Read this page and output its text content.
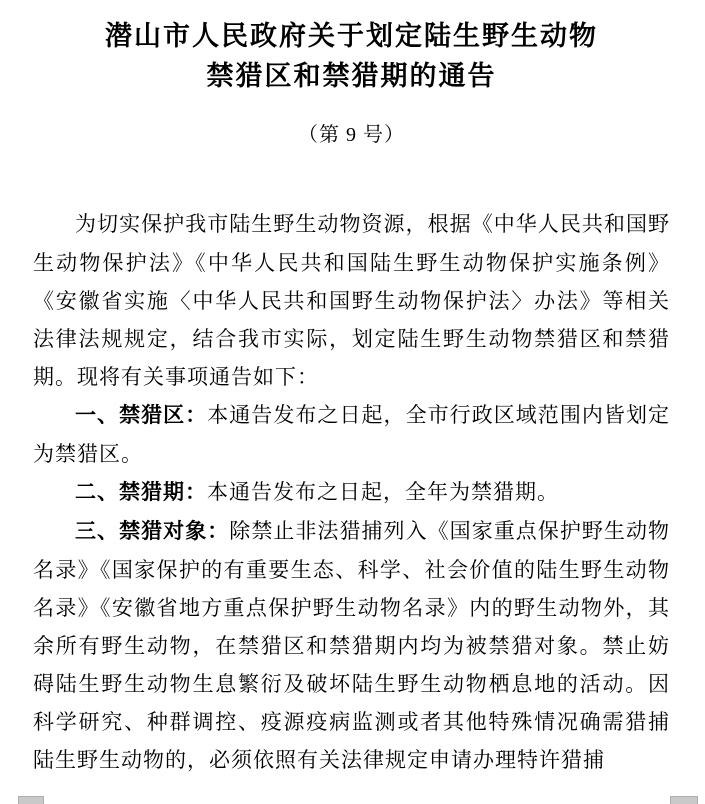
潜山市人民政府关于划定陆生野生动物
禁猎区和禁猎期的通告
（第 9 号）

为切实保护我市陆生野生动物资源，根据《中华人民共和国野生动物保护法》《中华人民共和国陆生野生动物保护实施条例》《安徽省实施〈中华人民共和国野生动物保护法〉办法》等相关法律法规规定，结合我市实际，划定陆生野生动物禁猎区和禁猎期。现将有关事项通告如下：

一、禁猎区：本通告发布之日起，全市行政区域范围内皆划定为禁猎区。

二、禁猎期：本通告发布之日起，全年为禁猎期。

三、禁猎对象：除禁止非法猎捕列入《国家重点保护野生动物名录》《国家保护的有重要生态、科学、社会价值的陆生野生动物名录》《安徽省地方重点保护野生动物名录》内的野生动物外，其余所有野生动物，在禁猎区和禁猎期内均为被禁猎对象。禁止妨碍陆生野生动物生息繁衍及破坏陆生野生动物栖息地的活动。因科学研究、种群调控、疫源疫病监测或者其他特殊情况确需猎捕陆生野生动物的，必须依照有关法律规定申请办理特许猎捕
